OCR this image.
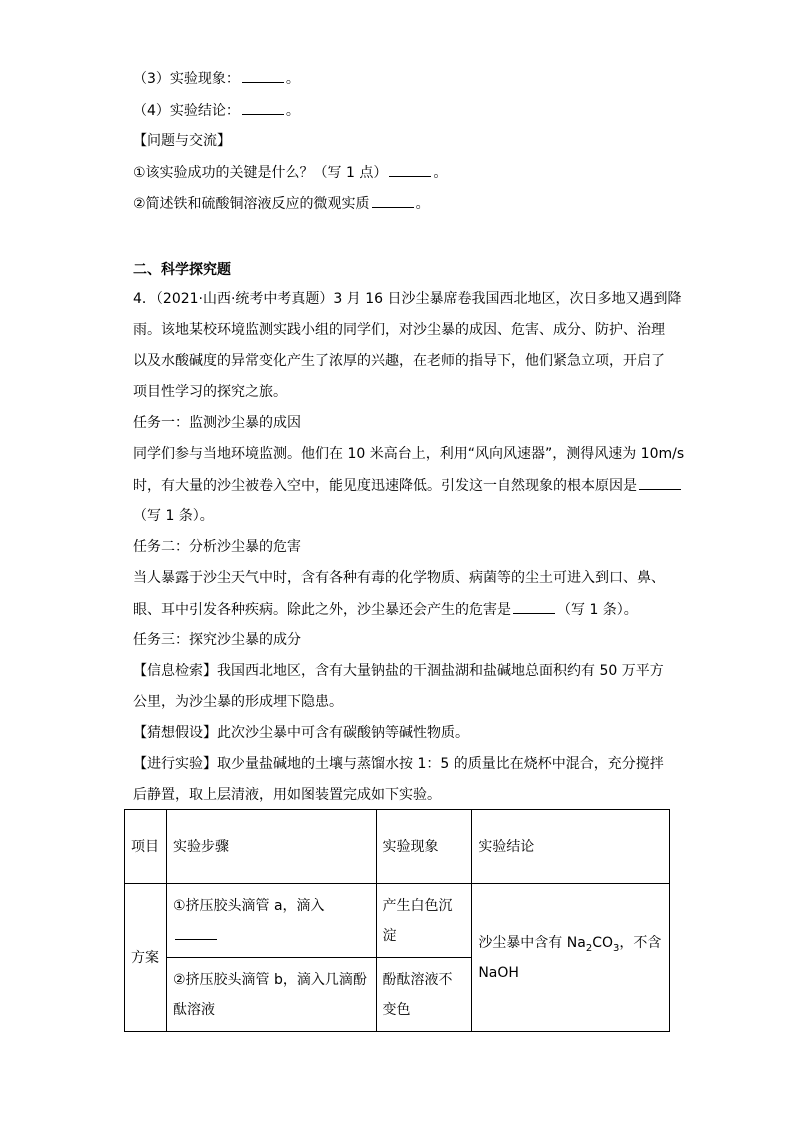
（3）实验现象：	。
（4）实验结论：	。
【问题与交流】
①该实验成功的关键是什么？（写 1 点）	。
②简述铁和硫酸铜溶液反应的微观实质	。
二、科学探究题
4．（2021·山西·统考中考真题）3 月 16 日沙尘暴席卷我国西北地区，次日多地又遇到降
雨。该地某校环境监测实践小组的同学们，对沙尘暴的成因、危害、成分、防护、治理
以及水酸碱度的异常变化产生了浓厚的兴趣，在老师的指导下，他们紧急立项，开启了
项目性学习的探究之旅。
任务一：监测沙尘暴的成因
同学们参与当地环境监测。他们在 10 米高台上，利用“风向风速器”，测得风速为 10m/s
时，有大量的沙尘被卷入空中，能见度迅速降低。引发这一自然现象的根本原因是
（写 1 条）。
任务二：分析沙尘暴的危害
当人暴露于沙尘天气中时，含有各种有毒的化学物质、病菌等的尘土可进入到口、鼻、
眼、耳中引发各种疾病。除此之外，沙尘暴还会产生的危害是	（写 1 条）。
任务三：探究沙尘暴的成分
【信息检索】我国西北地区，含有大量钠盐的干涸盐湖和盐碱地总面积约有 50 万平方
公里，为沙尘暴的形成埋下隐患。
【猜想假设】此次沙尘暴中可含有碳酸钠等碱性物质。
【进行实验】取少量盐碱地的土壤与蒸馏水按 1：5 的质量比在烧杯中混合，充分搅拌
后静置，取上层清液，用如图装置完成如下实验。
项目	实验步骤	实验现象	实验结论
方案	①挤压胶头滴管 a，滴入	产生白色沉淀	沙尘暴中含有 $Na_2CO_3$，不含 NaOH
	②挤压胶头滴管 b，滴入几滴酚酞溶液	酚酞溶液不变色	
